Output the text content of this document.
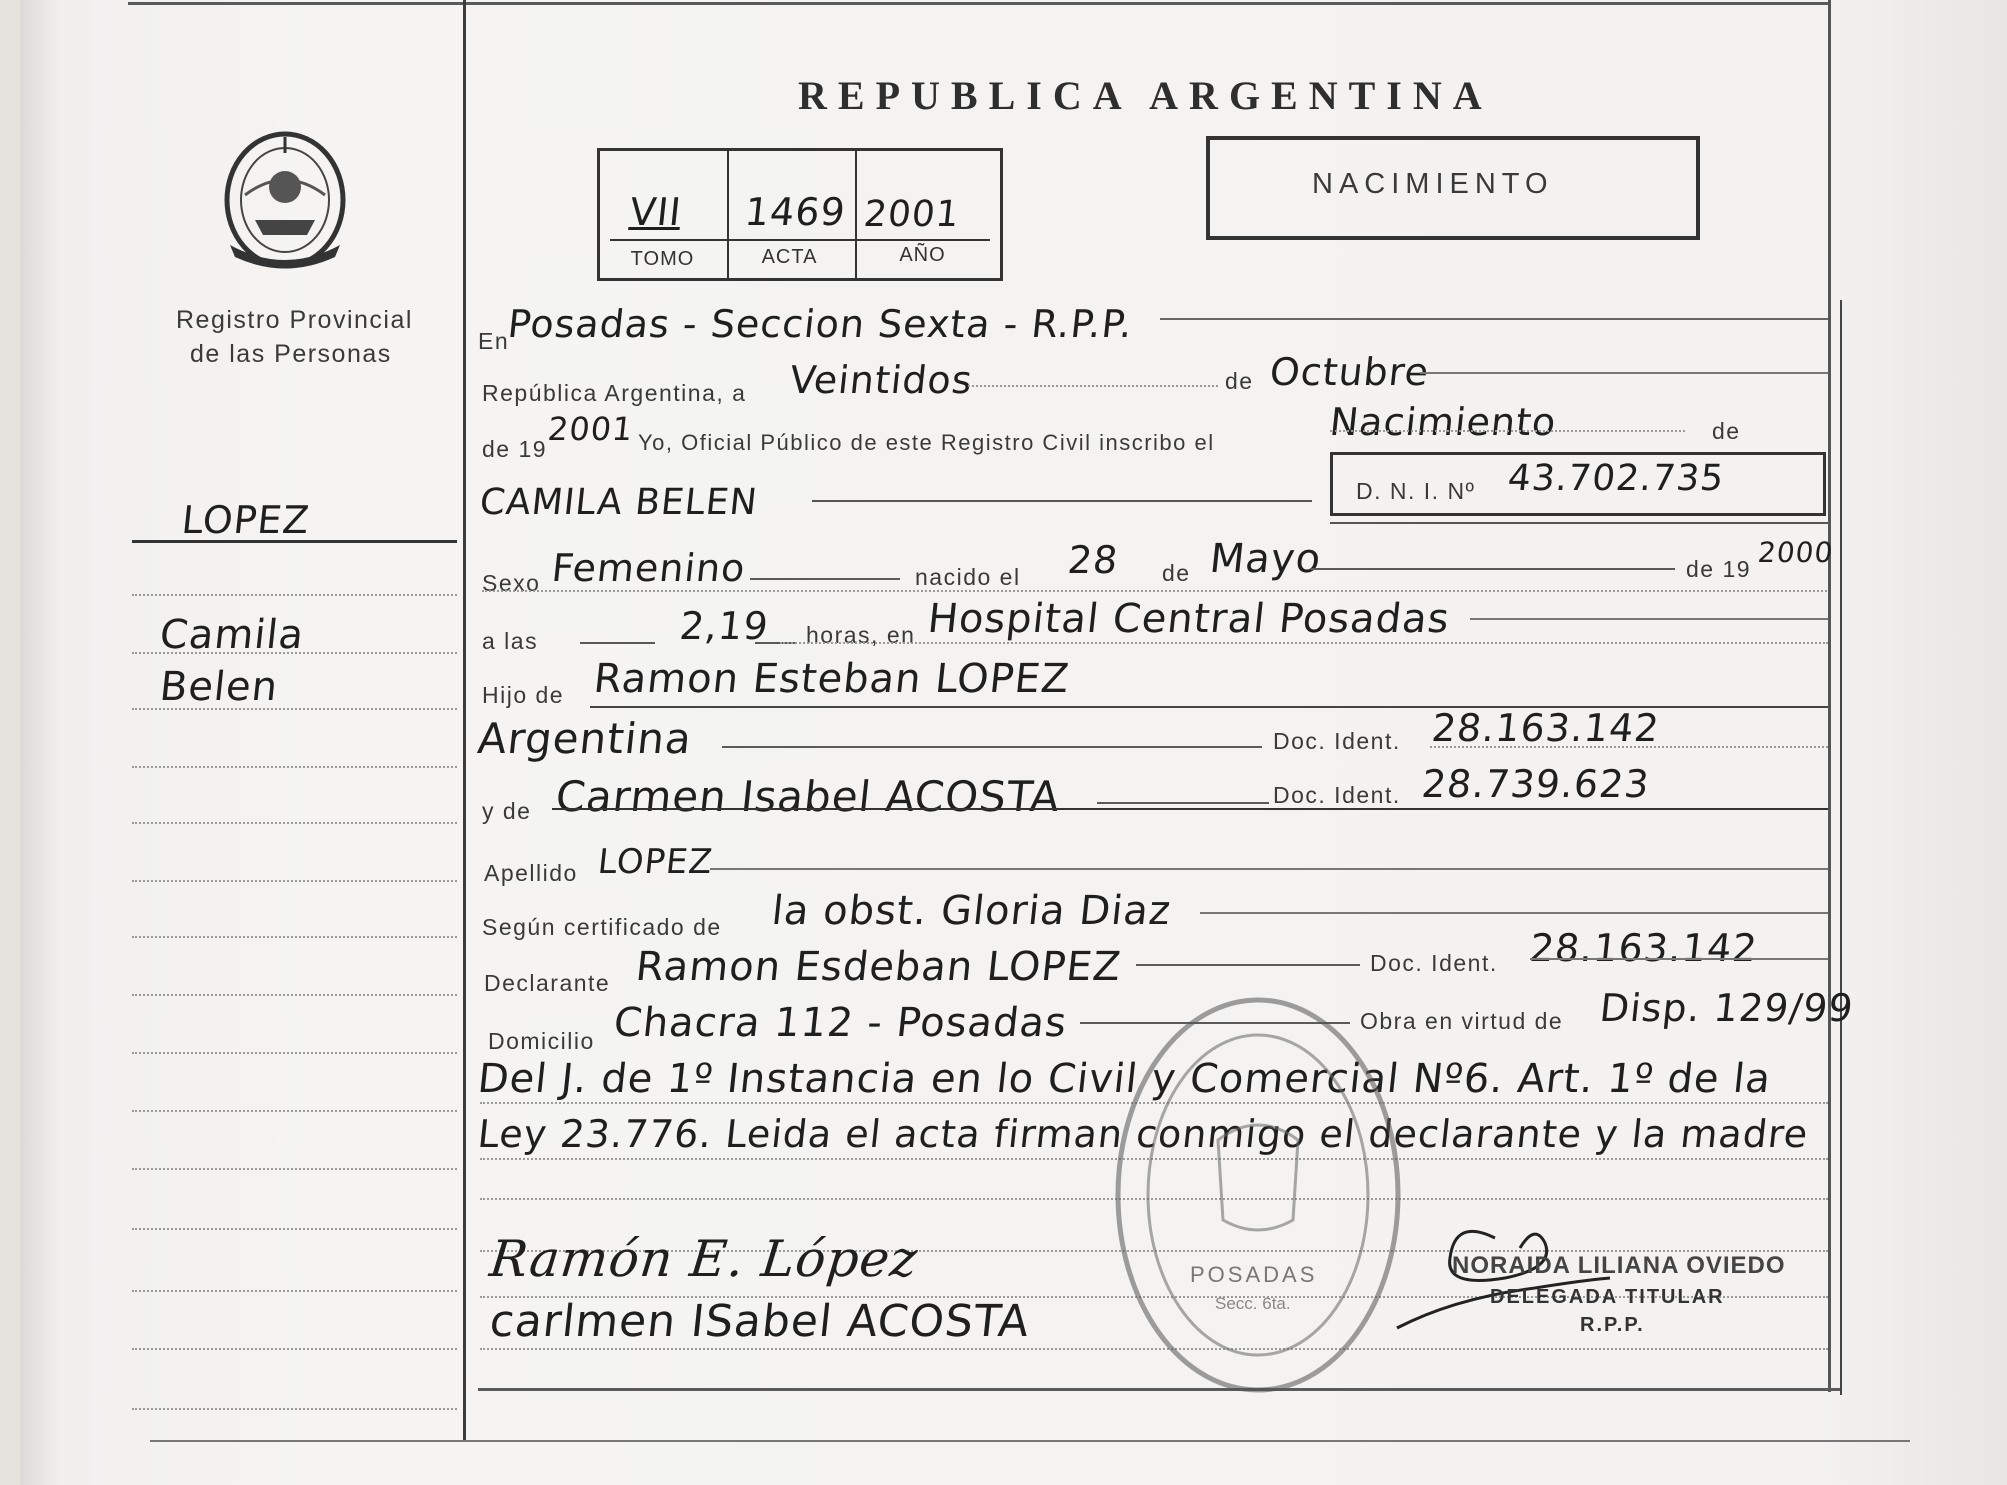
Registro Provincial
de las Personas
LOPEZ
Camila
Belen
REPUBLICA ARGENTINA
VII 1469 2001
TOMO	ACTA	AÑO
NACIMIENTO
En
Posadas - Seccion Sexta - R.P.P.
República Argentina, a Veintidos	de Octubre
de 19
2001 Yo, Oficial Público de este Registro Civil inscribo el	Nacimiento	de
CAMILA BELEN	D. N. I. Nº 43.702.735
Sexo Femenino	nacido el 28 de Mayo	de 19 2000
a las	2,19 horas, en Hospital Central Posadas
Hijo de Ramon Esteban LOPEZ
Argentina	Doc. Ident. 28.163.142
y de Carmen Isabel ACOSTA	Doc. Ident. 28.739.623
Apellido LOPEZ
Según certificado de la obst. Gloria Diaz
Declarante Ramon Esdeban LOPEZ	Doc. Ident. 28.163.142
Domicilio Chacra 112 - Posadas	Obra en virtud de Disp. 129/99
Del J. de 1º Instancia en lo Civil y Comercial Nº6. Art. 1º de la
Ley 23.776. Leida el acta firman conmigo el declarante y la madre
Ramón E. López
carlmen ISabel ACOSTA
POSADAS
Secc. 6ta.
NORAIDA LILIANA OVIEDO
DELEGADA TITULAR
R.P.P.
